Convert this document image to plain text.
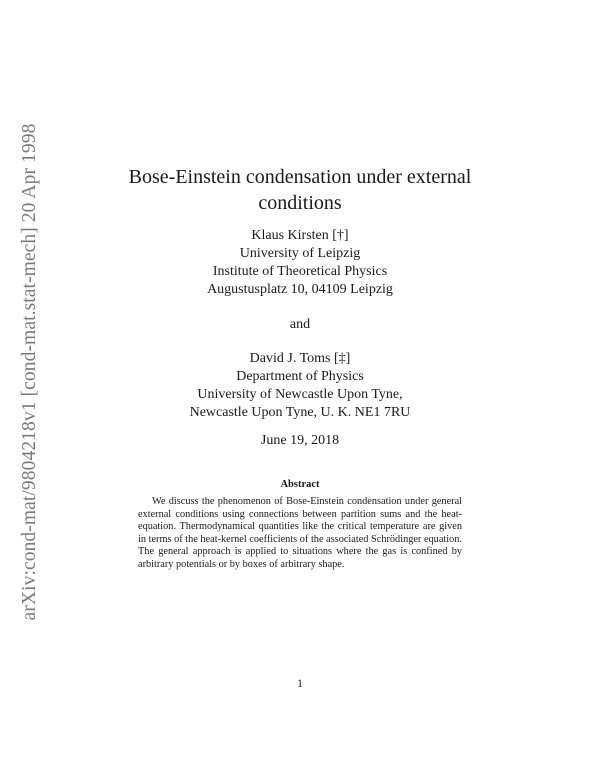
arXiv:cond-mat/9804218v1 [cond-mat.stat-mech] 20 Apr 1998	Bose-Einstein condensation under external
conditions
Klaus Kirsten [†]
University of Leipzig
Institute of Theoretical Physics
Augustusplatz 10, 04109 Leipzig
and
David J. Toms [‡]
Department of Physics
University of Newcastle Upon Tyne,
Newcastle Upon Tyne, U. K. NE1 7RU
June 19, 2018
Abstract
We discuss the phenomenon of Bose-Einstein condensation under general external conditions using connections between partition sums and the heat-equation. Thermodynamical quantities like the critical temperature are given in terms of the heat-kernel coefficients of the associated Schrödinger equation. The general approach is applied to situations where the gas is confined by arbitrary potentials or by boxes of arbitrary shape.
1
